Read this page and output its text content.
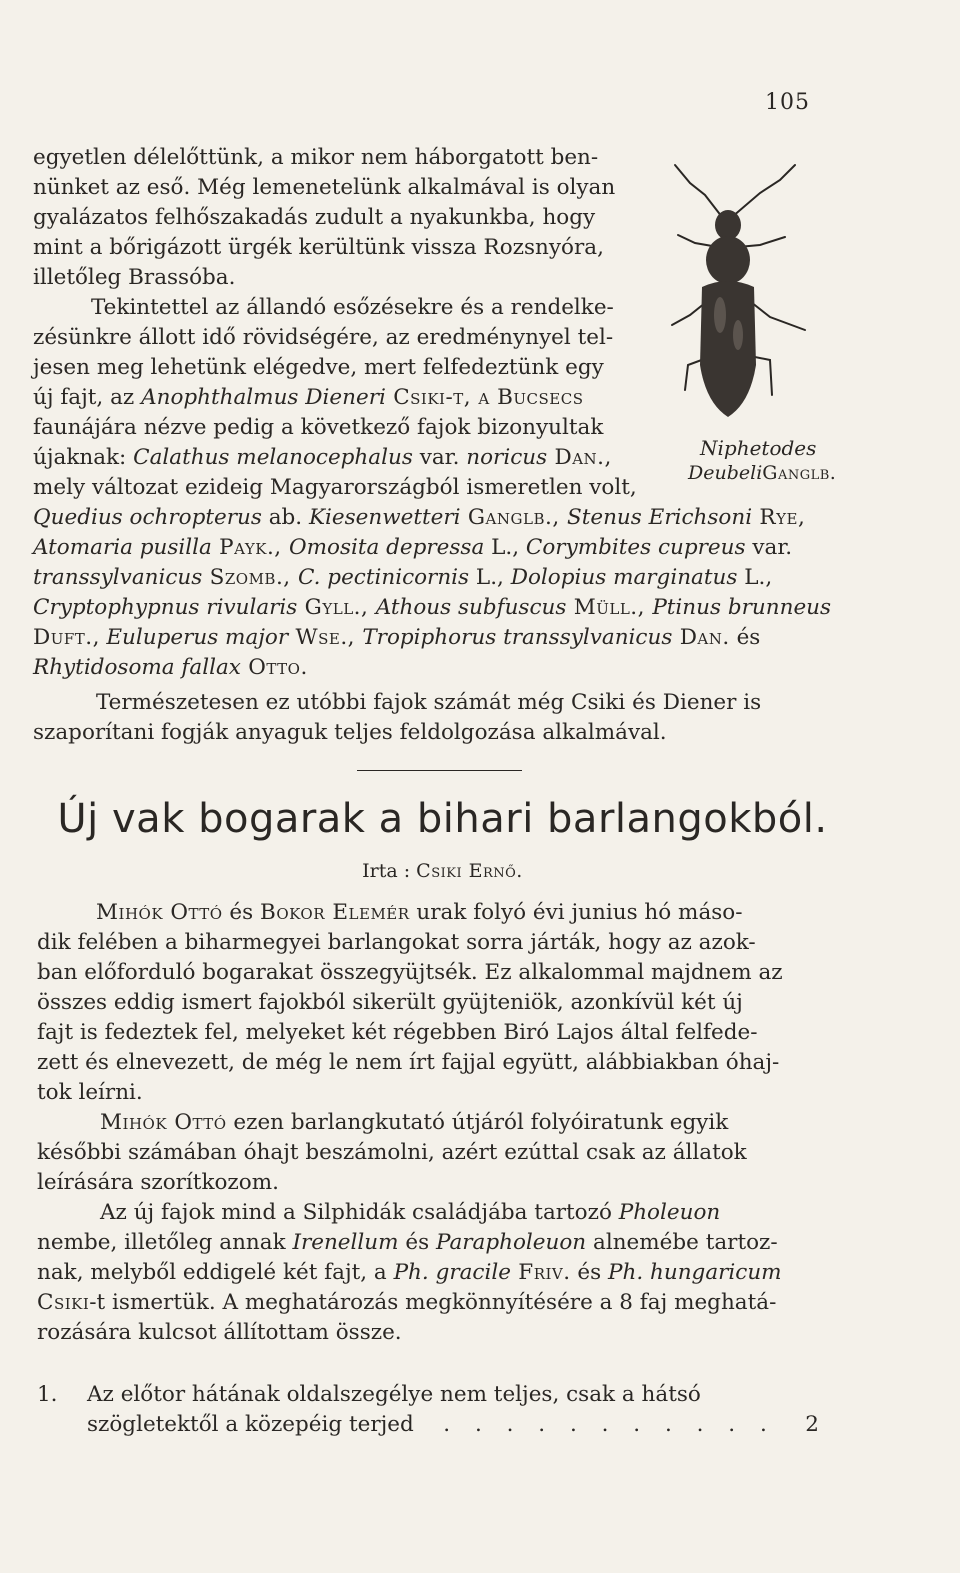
105
Niphetodes
DeubeliGanglb.
egyetlen délelőttünk, a mikor nem háborgatott ben-
nünket az eső. Még lemenetelünk alkalmával is olyan
gyalázatos felhőszakadás zudult a nyakunkba, hogy
mint a bőrigázott ürgék kerültünk vissza Rozsnyóra,
illetőleg Brassóba.
Tekintettel az állandó esőzésekre és a rendelke-
zésünkre állott idő rövidségére, az eredménynyel tel-
jesen meg lehetünk elégedve, mert felfedeztünk egy
új fajt, az Anophthalmus Dieneri Csiki-t, a Bucsecs
faunájára nézve pedig a következő fajok bizonyultak
újaknak: Calathus melanocephalus var. noricus Dan.,
mely változat ezideig Magyarországból ismeretlen volt,
Quedius ochropterus ab. Kiesenwetteri Ganglb., Stenus Erichsoni Rye,
Atomaria pusilla Payk., Omosita depressa L., Corymbites cupreus var.
transsylvanicus Szomb., C. pectinicornis L., Dolopius marginatus L.,
Cryptophypnus rivularis Gyll., Athous subfuscus Müll., Ptinus brunneus
Duft. , Euluperus major Wse., Tropiphorus transsylvanicus Dan. és
Rhytidosoma fallax Otto.
Természetesen ez utóbbi fajok számát még Csiki és Diener is
szaporítani fogják anyaguk teljes feldolgozása alkalmával.
Új vak bogarak a bihari barlangokból.
Irta : Csiki Ernő.
Mihók Ottó és Bokor Elemér urak folyó évi junius hó máso-
dik felében a biharmegyei barlangokat sorra járták, hogy az azok-
ban előforduló bogarakat összegyüjtsék. Ez alkalommal majdnem az
összes eddig ismert fajokból sikerült gyüjteniök, azonkívül két új
fajt is fedeztek fel, melyeket két régebben Biró Lajos által felfede-
zett és elnevezett, de még le nem írt fajjal együtt, alábbiakban óhaj-
tok leírni.
Mihók Ottó ezen barlangkutató útjáról folyóiratunk egyik
későbbi számában óhajt beszámolni, azért ezúttal csak az állatok
leírására szorítkozom.
Az új fajok mind a Silphidák családjába tartozó Pholeuon
nembe, illetőleg annak Irenellum és Parapholeuon alnemébe tartoz-
nak, melyből eddigelé két fajt, a Ph. gracile Friv. és Ph. hungaricum
Csiki -t ismertük. A meghatározás megkönnyítésére a 8 faj meghatá-
rozására kulcsot állítottam össze.
1.	Az előtor hátának oldalszegélye nem teljes, csak a hátsó
szögletektől a közepéig terjed . . . . . . . . . . . 2
